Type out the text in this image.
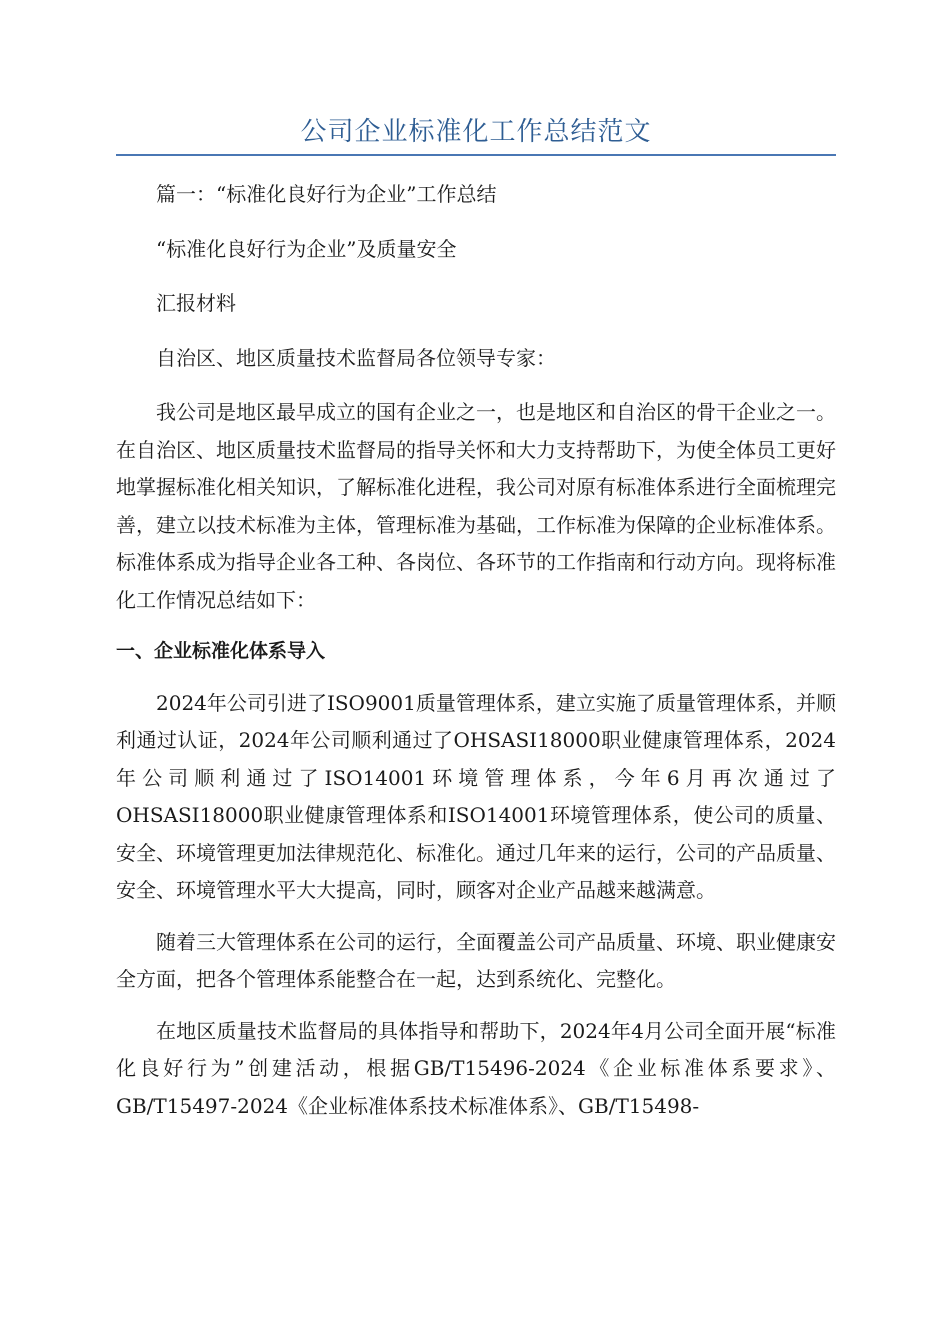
公司企业标准化工作总结范文

篇一：“标准化良好行为企业”工作总结

“标准化良好行为企业”及质量安全

汇报材料

自治区、地区质量技术监督局各位领导专家：

我公司是地区最早成立的国有企业之一，也是地区和自治区的骨干企业之一。在自治区、地区质量技术监督局的指导关怀和大力支持帮助下，为使全体员工更好地掌握标准化相关知识，了解标准化进程，我公司对原有标准体系进行全面梳理完善，建立以技术标准为主体，管理标准为基础，工作标准为保障的企业标准体系。标准体系成为指导企业各工种、各岗位、各环节的工作指南和行动方向。现将标准化工作情况总结如下：

一、企业标准化体系导入

2024年公司引进了ISO9001质量管理体系，建立实施了质量管理体系，并顺利通过认证，2024年公司顺利通过了OHSASI18000职业健康管理体系，2024年公司顺利通过了ISO14001环境管理体系，今年6月再次通过了OHSASI18000职业健康管理体系和ISO14001环境管理体系，使公司的质量、安全、环境管理更加法律规范化、标准化。通过几年来的运行，公司的产品质量、安全、环境管理水平大大提高，同时，顾客对企业产品越来越满意。

随着三大管理体系在公司的运行，全面覆盖公司产品质量、环境、职业健康安全方面，把各个管理体系能整合在一起，达到系统化、完整化。

在地区质量技术监督局的具体指导和帮助下，2024年4月公司全面开展“标准化良好行为”创建活动，根据GB/T15496-2024《企业标准体系要求》、GB/T15497-2024《企业标准体系技术标准体系》、GB/T15498-
